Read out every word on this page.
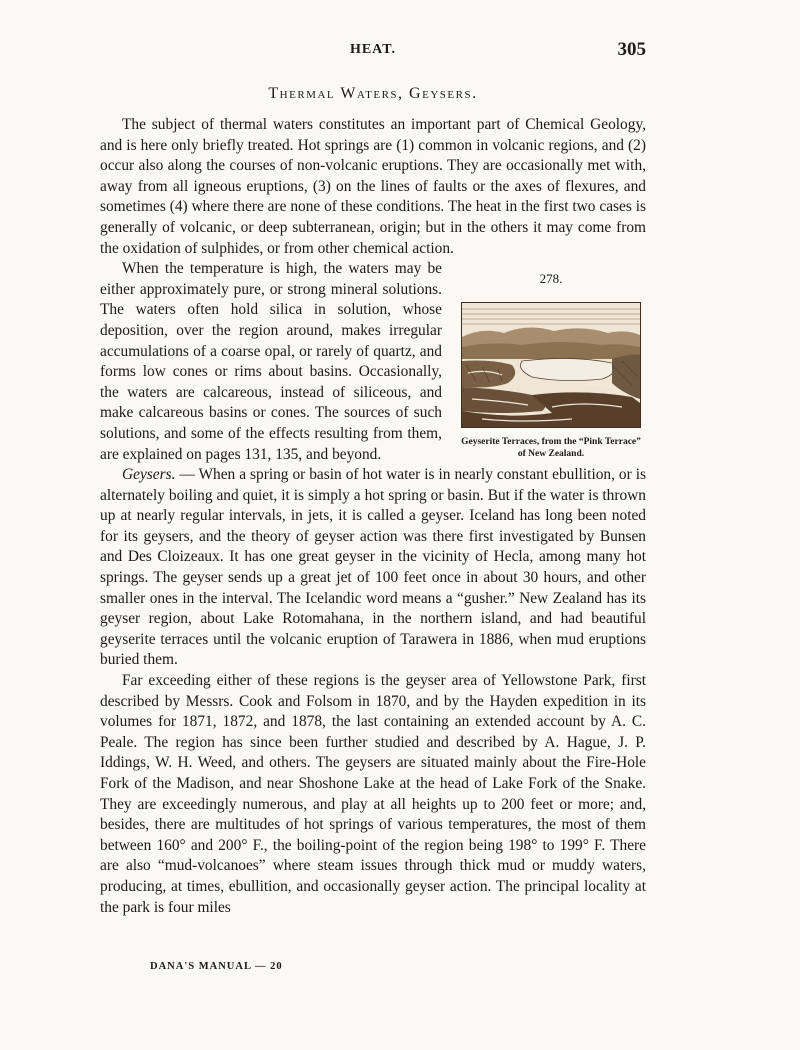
HEAT.	305
Thermal Waters, Geysers.

The subject of thermal waters constitutes an important part of Chemical Geology, and is here only briefly treated. Hot springs are (1) common in volcanic regions, and (2) occur also along the courses of non-volcanic eruptions. They are occasionally met with, away from all igneous eruptions, (3) on the lines of faults or the axes of flexures, and sometimes (4) where there are none of these conditions. The heat in the first two cases is generally of volcanic, or deep subterranean, origin; but in the others it may come from the oxidation of sulphides, or from other chemical action.

278.
Geyserite Terraces, from the “Pink Terrace” of New Zealand.

When the temperature is high, the waters may be either approximately pure, or strong mineral solutions. The waters often hold silica in solution, whose deposition, over the region around, makes irregular accumulations of a coarse opal, or rarely of quartz, and forms low cones or rims about basins. Occasionally, the waters are calcareous, instead of siliceous, and make calcareous basins or cones. The sources of such solutions, and some of the effects resulting from them, are explained on pages 131, 135, and beyond.

Geysers. — When a spring or basin of hot water is in nearly constant ebullition, or is alternately boiling and quiet, it is simply a hot spring or basin. But if the water is thrown up at nearly regular intervals, in jets, it is called a geyser. Iceland has long been noted for its geysers, and the theory of geyser action was there first investigated by Bunsen and Des Cloizeaux. It has one great geyser in the vicinity of Hecla, among many hot springs. The geyser sends up a great jet of 100 feet once in about 30 hours, and other smaller ones in the interval. The Icelandic word means a “gusher.” New Zealand has its geyser region, about Lake Rotomahana, in the northern island, and had beautiful geyserite terraces until the volcanic eruption of Tarawera in 1886, when mud eruptions buried them.

Far exceeding either of these regions is the geyser area of Yellowstone Park, first described by Messrs. Cook and Folsom in 1870, and by the Hayden expedition in its volumes for 1871, 1872, and 1878, the last containing an extended account by A. C. Peale. The region has since been further studied and described by A. Hague, J. P. Iddings, W. H. Weed, and others. The geysers are situated mainly about the Fire-Hole Fork of the Madison, and near Shoshone Lake at the head of Lake Fork of the Snake. They are exceedingly numerous, and play at all heights up to 200 feet or more; and, besides, there are multitudes of hot springs of various temperatures, the most of them between 160° and 200° F., the boiling-point of the region being 198° to 199° F. There are also “mud-volcanoes” where steam issues through thick mud or muddy waters, producing, at times, ebullition, and occasionally geyser action. The principal locality at the park is four miles

DANA'S MANUAL — 20
